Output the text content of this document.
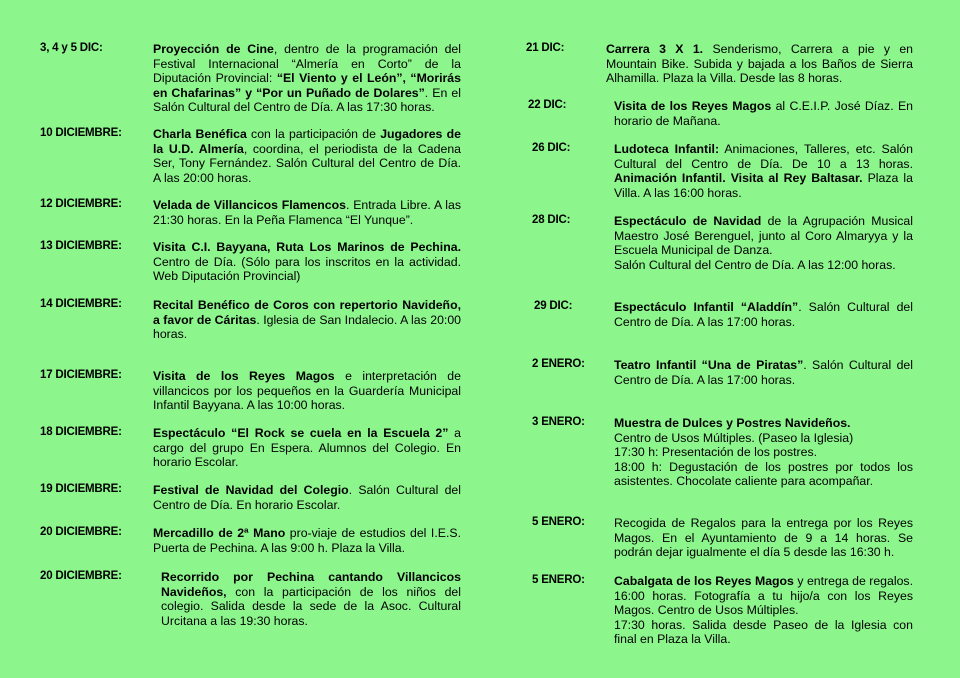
3, 4 y 5 DIC:	Proyección de Cine, dentro de la programación del Festival Internacional “Almería en Corto” de la Diputación Provincial: “El Viento y el León”, “Morirás en Chafarinas” y “Por un Puñado de Dolares”. En el Salón Cultural del Centro de Día. A las 17:30 horas.
10 DICIEMBRE:	Charla Benéfica con la participación de Jugadores de la U.D. Almería, coordina, el periodista de la Cadena Ser, Tony Fernández. Salón Cultural del Centro de Día. A las 20:00 horas.
12 DICIEMBRE:	Velada de Villancicos Flamencos. Entrada Libre. A las 21:30 horas. En la Peña Flamenca “El Yunque”.
13 DICIEMBRE:	Visita C.I. Bayyana, Ruta Los Marinos de Pechina. Centro de Día. (Sólo para los inscritos en la actividad. Web Diputación Provincial)
14 DICIEMBRE:	Recital Benéfico de Coros con repertorio Navideño, a favor de Cáritas. Iglesia de San Indalecio. A las 20:00 horas.
17 DICIEMBRE:	Visita de los Reyes Magos e interpretación de villancicos por los pequeños en la Guardería Municipal Infantil Bayyana. A las 10:00 horas.
18 DICIEMBRE:	Espectáculo “El Rock se cuela en la Escuela 2” a cargo del grupo En Espera. Alumnos del Colegio. En horario Escolar.
19 DICIEMBRE:	Festival de Navidad del Colegio. Salón Cultural del Centro de Día. En horario Escolar.
20 DICIEMBRE:	Mercadillo de 2ª Mano pro-viaje de estudios del I.E.S. Puerta de Pechina. A las 9:00 h. Plaza la Villa.
20 DICIEMBRE:	Recorrido por Pechina cantando Villancicos Navideños, con la participación de los niños del colegio. Salida desde la sede de la Asoc. Cultural Urcitana a las 19:30 horas.
21 DIC:	Carrera 3 X 1. Senderismo, Carrera a pie y en Mountain Bike. Subida y bajada a los Baños de Sierra Alhamilla. Plaza la Villa. Desde las 8 horas.
22 DIC:	Visita de los Reyes Magos al C.E.I.P. José Díaz. En horario de Mañana.
26 DIC:	Ludoteca Infantil: Animaciones, Talleres, etc. Salón Cultural del Centro de Día. De 10 a 13 horas. Animación Infantil. Visita al Rey Baltasar. Plaza la Villa. A las 16:00 horas.
28 DIC:	Espectáculo de Navidad de la Agrupación Musical Maestro José Berenguel, junto al Coro Almaryya y la Escuela Municipal de Danza.
Salón Cultural del Centro de Día. A las 12:00 horas.
29 DIC:	Espectáculo Infantil “Aladdín”. Salón Cultural del Centro de Día. A las 17:00 horas.
2 ENERO: Teatro Infantil “Una de Piratas”. Salón Cultural del Centro de Día. A las 17:00 horas.
3 ENERO: Muestra de Dulces y Postres Navideños.
Centro de Usos Múltiples. (Paseo la Iglesia)
17:30 h: Presentación de los postres.
18:00 h: Degustación de los postres por todos los asistentes. Chocolate caliente para acompañar.
5 ENERO: Recogida de Regalos para la entrega por los Reyes Magos. En el Ayuntamiento de 9 a 14 horas. Se podrán dejar igualmente el día 5 desde las 16:30 h.
5 ENERO: Cabalgata de los Reyes Magos y entrega de regalos. 16:00 horas. Fotografía a tu hijo/a con los Reyes Magos. Centro de Usos Múltiples.
17:30 horas. Salida desde Paseo de la Iglesia con final en Plaza la Villa.
